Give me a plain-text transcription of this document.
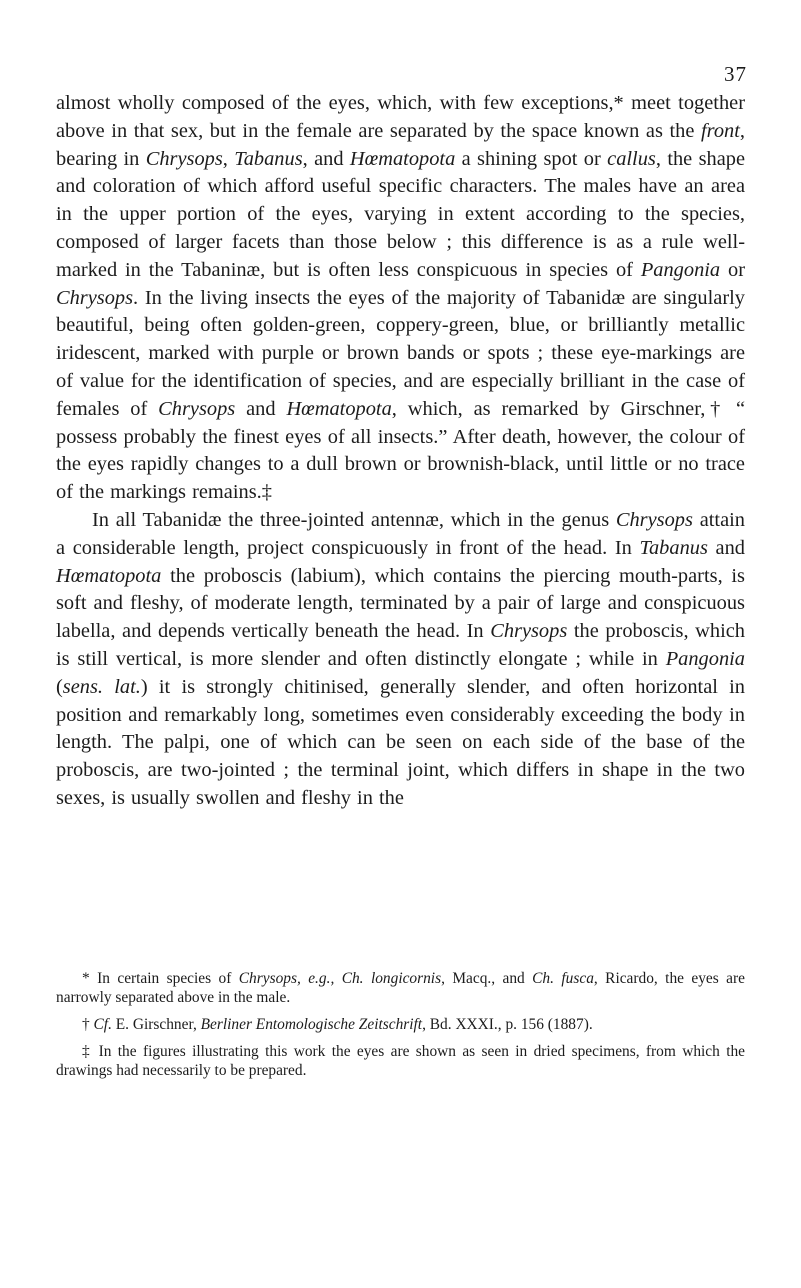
37

almost wholly composed of the eyes, which, with few exceptions,* meet together above in that sex, but in the female are separated by the space known as the front, bearing in Chrysops, Tabanus, and Hœmatopota a shining spot or callus, the shape and coloration of which afford useful specific characters. The males have an area in the upper portion of the eyes, varying in extent according to the species, composed of larger facets than those below ; this difference is as a rule well-marked in the Tabaninæ, but is often less conspicuous in species of Pangonia or Chrysops. In the living insects the eyes of the majority of Tabanidæ are singularly beautiful, being often golden-green, coppery-green, blue, or brilliantly metallic iridescent, marked with purple or brown bands or spots ; these eye-markings are of value for the identification of species, and are especially brilliant in the case of females of Chrysops and Hœmatopota, which, as remarked by Girschner,† “ possess probably the finest eyes of all insects.” After death, however, the colour of the eyes rapidly changes to a dull brown or brownish-black, until little or no trace of the markings remains.‡

In all Tabanidæ the three-jointed antennæ, which in the genus Chrysops attain a considerable length, project conspicuously in front of the head. In Tabanus and Hœmatopota the proboscis (labium), which contains the piercing mouth-parts, is soft and fleshy, of moderate length, terminated by a pair of large and conspicuous labella, and depends vertically beneath the head. In Chrysops the proboscis, which is still vertical, is more slender and often distinctly elongate ; while in Pangonia (sens. lat.) it is strongly chitinised, generally slender, and often horizontal in position and remarkably long, sometimes even considerably exceeding the body in length. The palpi, one of which can be seen on each side of the base of the proboscis, are two-jointed ; the terminal joint, which differs in shape in the two sexes, is usually swollen and fleshy in the

* In certain species of Chrysops, e.g., Ch. longicornis, Macq., and Ch. fusca, Ricardo, the eyes are narrowly separated above in the male.

† Cf. E. Girschner, Berliner Entomologische Zeitschrift, Bd. XXXI., p. 156 (1887).

‡ In the figures illustrating this work the eyes are shown as seen in dried specimens, from which the drawings had necessarily to be prepared.
